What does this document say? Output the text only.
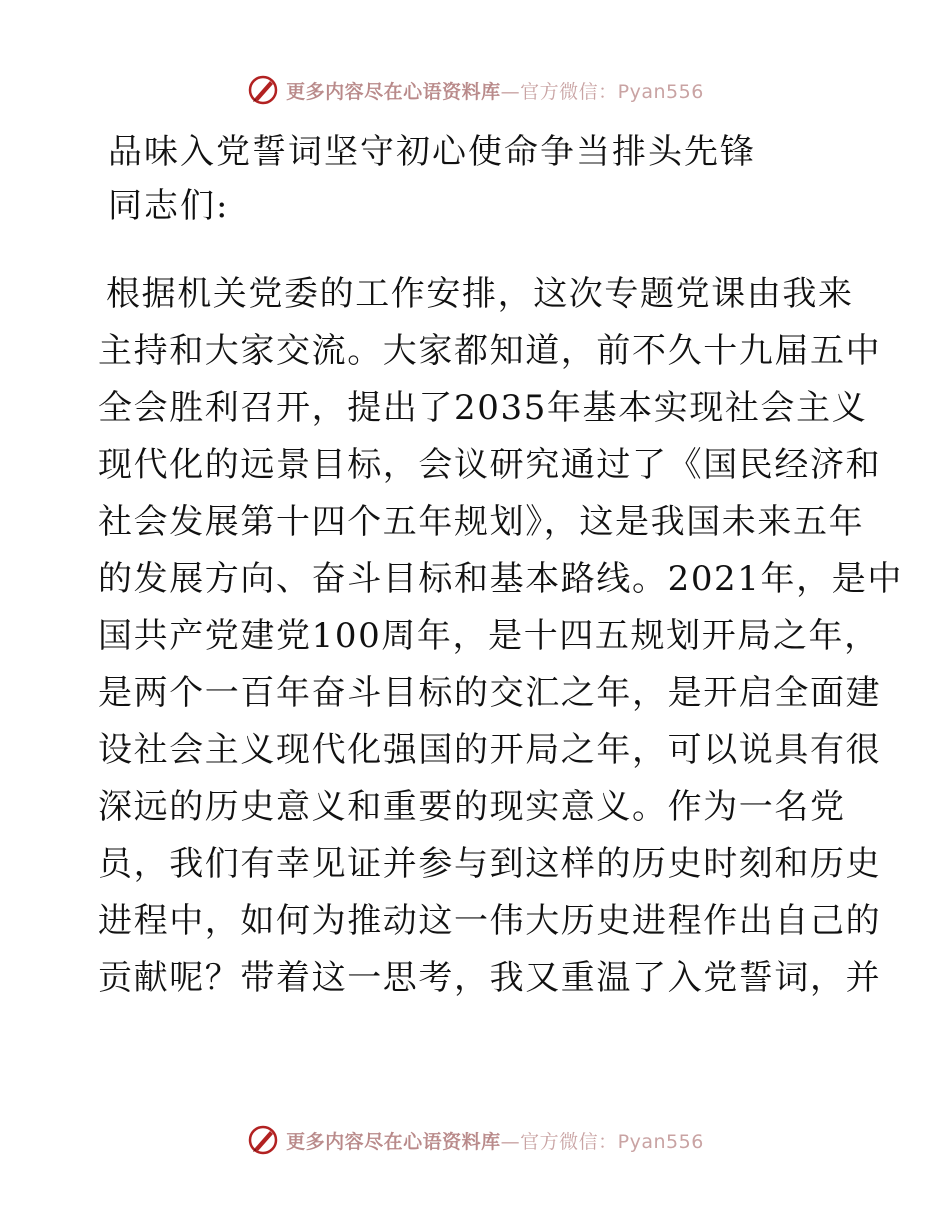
更多内容尽在心语资料库—官方微信：Pyan556
品味入党誓词坚守初心使命争当排头先锋
同志们:
根据机关党委的工作安排，这次专题党课由我来
主持和大家交流。大家都知道，前不久十九届五中
全会胜利召开，提出了2035年基本实现社会主义
现代化的远景目标，会议研究通过了《国民经济和
社会发展第十四个五年规划》，这是我国未来五年
的发展方向、奋斗目标和基本路线。2021年，是中
国共产党建党100周年，是十四五规划开局之年，
是两个一百年奋斗目标的交汇之年，是开启全面建
设社会主义现代化强国的开局之年，可以说具有很
深远的历史意义和重要的现实意义。作为一名党
员，我们有幸见证并参与到这样的历史时刻和历史
进程中，如何为推动这一伟大历史进程作出自己的
贡献呢？带着这一思考，我又重温了入党誓词，并
更多内容尽在心语资料库—官方微信：Pyan556
